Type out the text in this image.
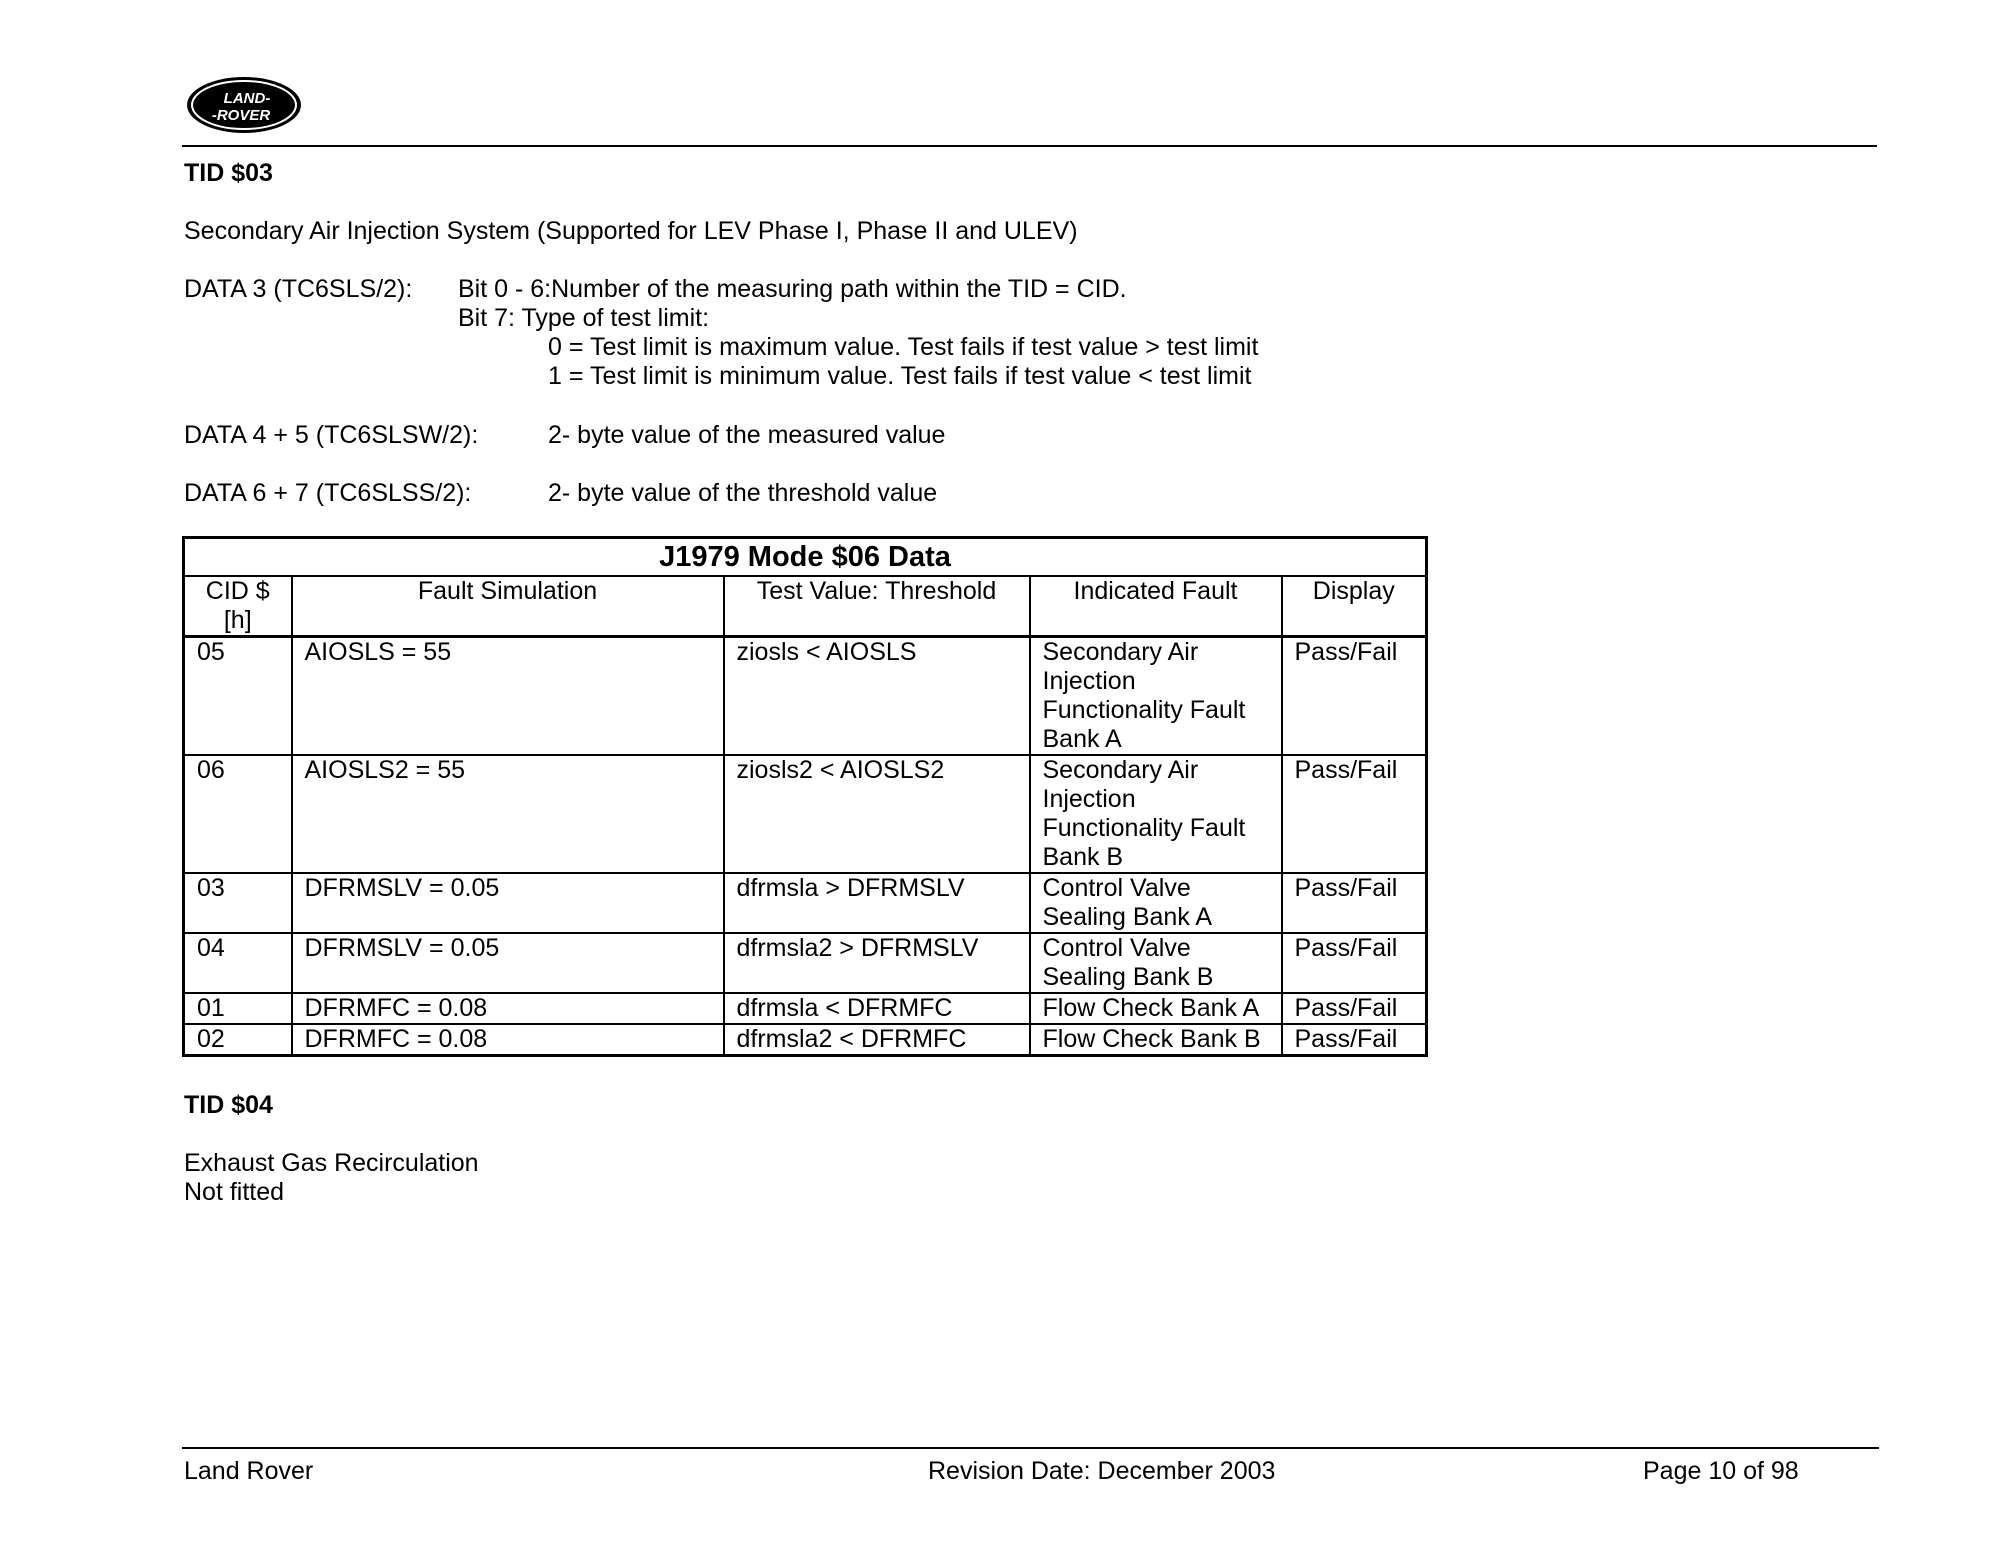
LAND-
-ROVER
TID $03
Secondary Air Injection System (Supported for LEV Phase I, Phase II and ULEV)
DATA 3 (TC6SLS/2): Bit 0 - 6:Number of the measuring path within the TID = CID.
Bit 7: Type of test limit:
0 = Test limit is maximum value. Test fails if test value > test limit
1 = Test limit is minimum value. Test fails if test value < test limit
DATA 4 + 5 (TC6SLSW/2):	2- byte value of the measured value
DATA 6 + 7 (TC6SLSS/2):	2- byte value of the threshold value
J1979 Mode $06 Data				
CID $ [h]	Fault Simulation	Test Value: Threshold	Indicated Fault	Display
05	AIOSLS = 55	ziosls < AIOSLS	Secondary Air Injection Functionality Fault Bank A	Pass/Fail
06	AIOSLS2 = 55	ziosls2 < AIOSLS2	Secondary Air Injection Functionality Fault Bank B	Pass/Fail
03	DFRMSLV = 0.05	dfrmsla > DFRMSLV	Control Valve Sealing Bank A	Pass/Fail
04	DFRMSLV = 0.05	dfrmsla2 > DFRMSLV	Control Valve Sealing Bank B	Pass/Fail
01	DFRMFC = 0.08	dfrmsla < DFRMFC	Flow Check Bank A	Pass/Fail
02	DFRMFC = 0.08	dfrmsla2 < DFRMFC	Flow Check Bank B	Pass/Fail
TID $04
Exhaust Gas Recirculation
Not fitted
Land Rover	Revision Date: December 2003	Page 10 of 98
